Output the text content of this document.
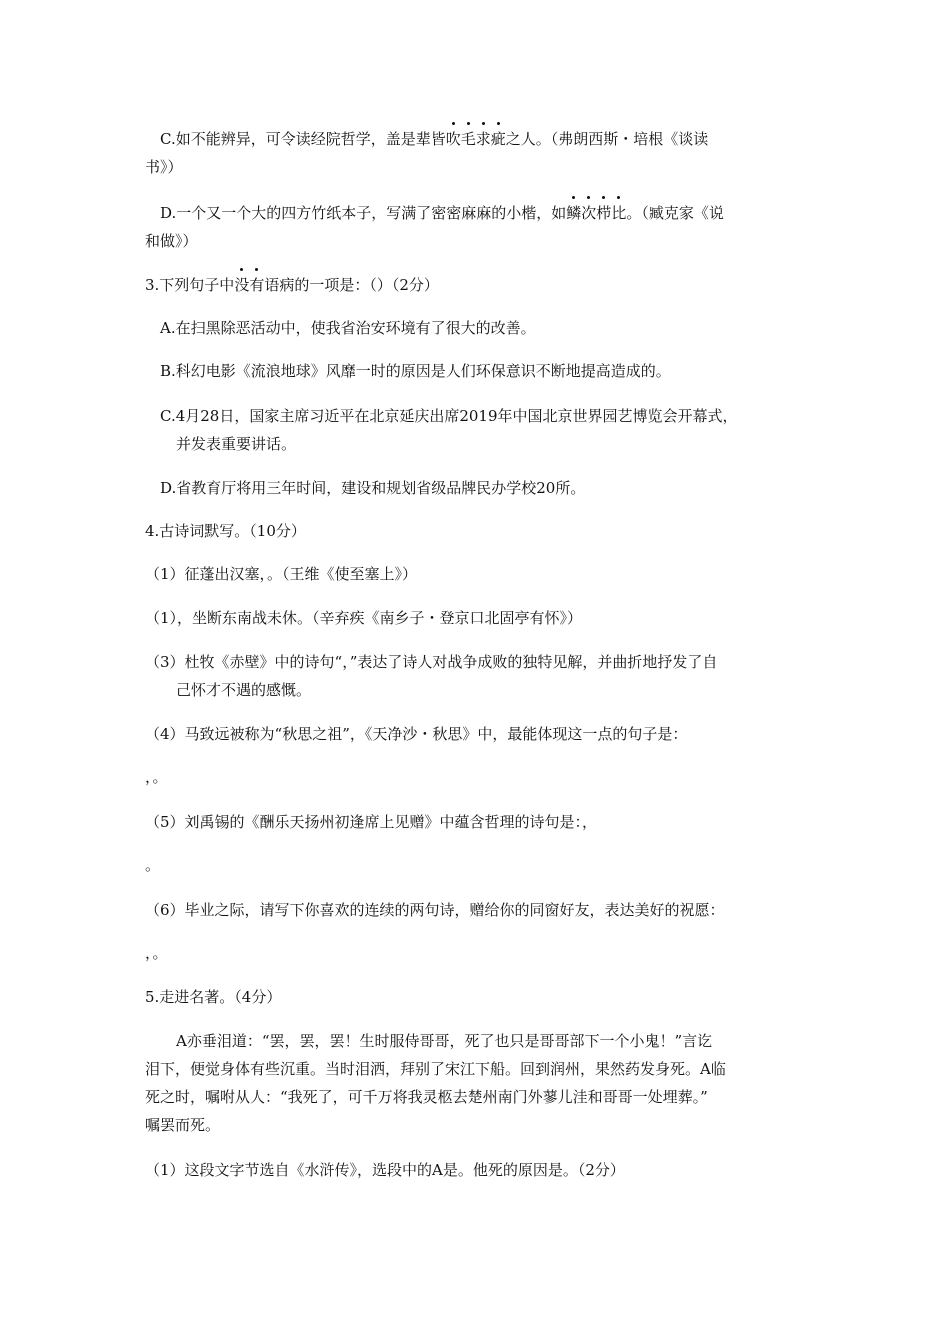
C.如不能辨异，可令读经院哲学，盖是辈皆吹毛求疵之人。（弗朗西斯・培根《谈读
书》）
D.一个又一个大的四方竹纸本子，写满了密密麻麻的小楷，如鳞次栉比。（臧克家《说
和做》）
3.下列句子中没有语病的一项是：（）（2分）
A.在扫黑除恶活动中，使我省治安环境有了很大的改善。
B.科幻电影《流浪地球》风靡一时的原因是人们环保意识不断地提高造成的。
C.4月28日，国家主席习近平在北京延庆出席2019年中国北京世界园艺博览会开幕式，
并发表重要讲话。
D.省教育厅将用三年时间，建设和规划省级品牌民办学校20所。
4.古诗词默写。（10分）
（1）征蓬出汉塞，。（王维《使至塞上》）
（1），坐断东南战未休。（辛弃疾《南乡子・登京口北固亭有怀》）
（3）杜牧《赤壁》中的诗句“，”表达了诗人对战争成败的独特见解，并曲折地抒发了自
己怀才不遇的感慨。
（4）马致远被称为“秋思之祖”，《天净沙・秋思》中，最能体现这一点的句子是：
，。
（5）刘禹锡的《酬乐天扬州初逢席上见赠》中蕴含哲理的诗句是：，
。
（6）毕业之际，请写下你喜欢的连续的两句诗，赠给你的同窗好友，表达美好的祝愿：
，。
5.走进名著。（4分）
A亦垂泪道：“罢，罢，罢！生时服侍哥哥，死了也只是哥哥部下一个小鬼！”言讫
泪下，便觉身体有些沉重。当时泪洒，拜别了宋江下船。回到润州，果然药发身死。A临
死之时，嘱咐从人：“我死了，可千万将我灵柩去楚州南门外蓼儿洼和哥哥一处埋葬。”
嘱罢而死。
（1）这段文字节选自《水浒传》，选段中的A是。他死的原因是。（2分）
